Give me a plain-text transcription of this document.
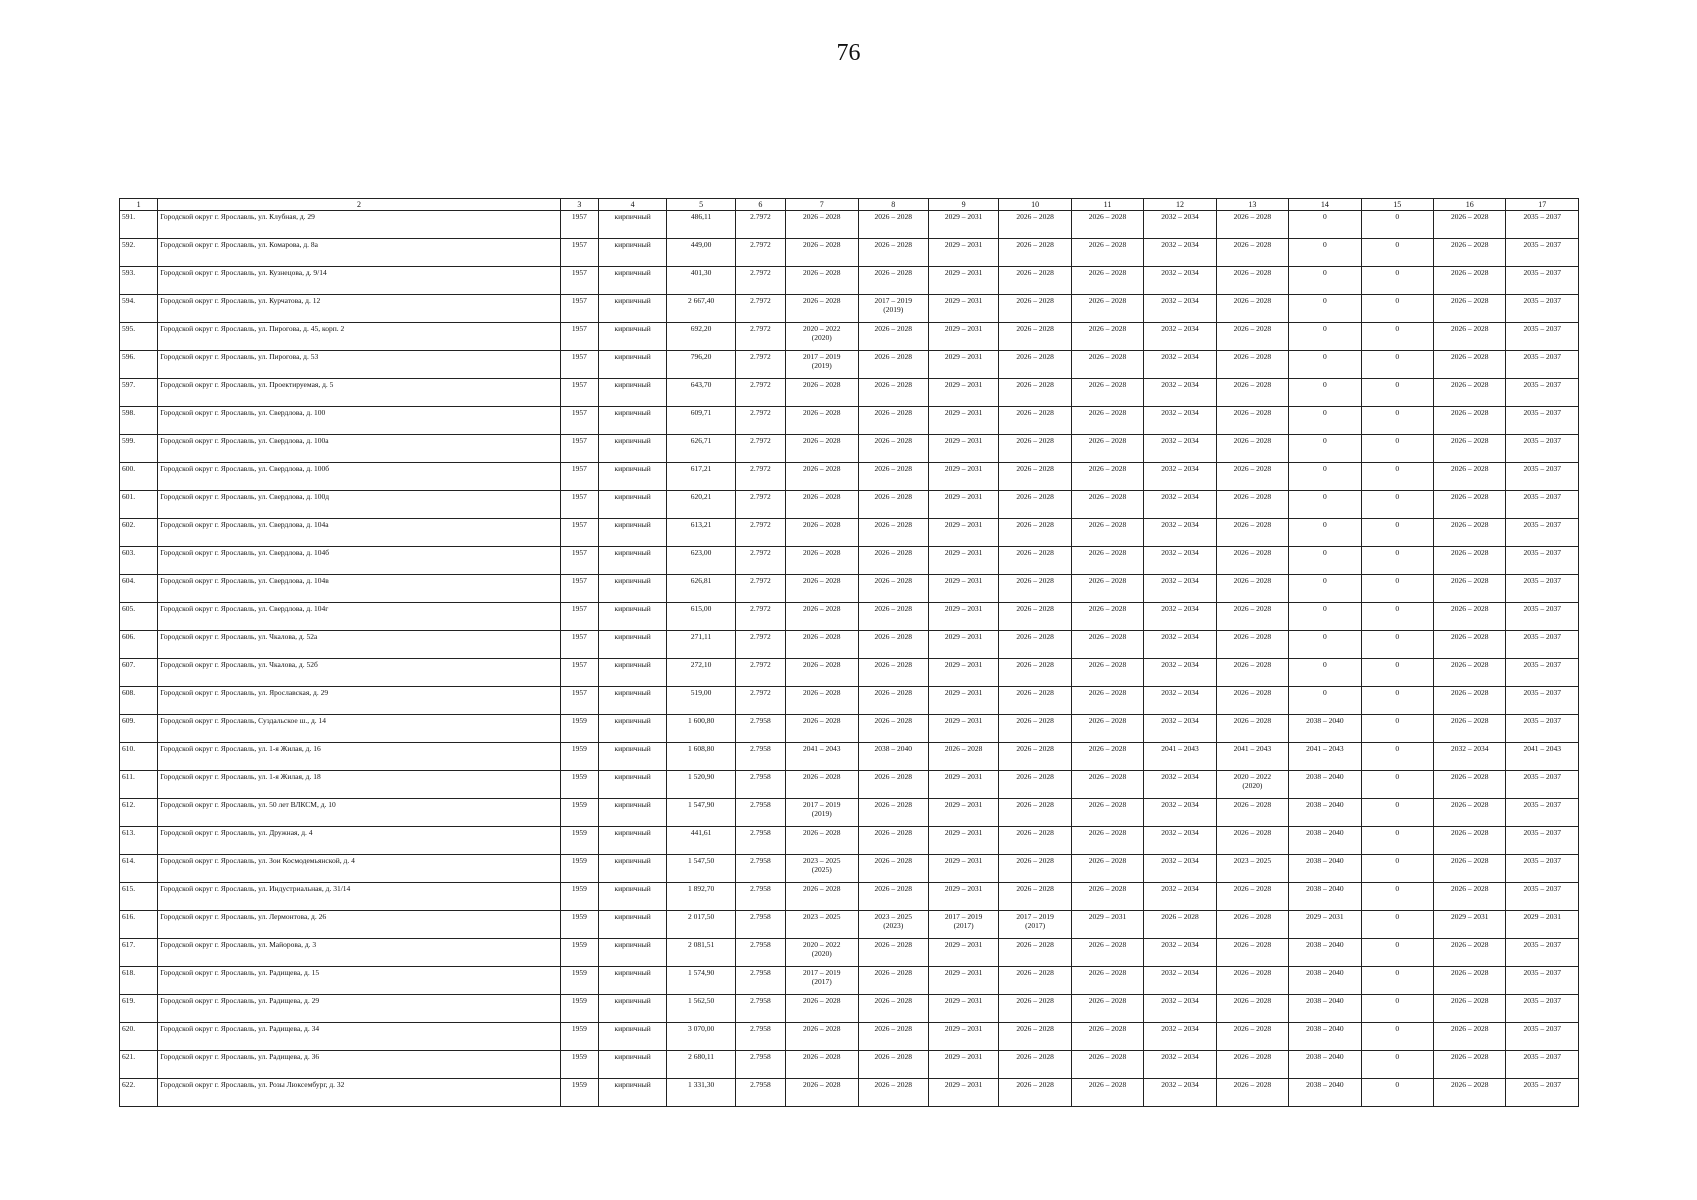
76
1	2	3	4	5	6	7	8	9	10	11	12	13	14	15	16	17

591.	Городской округ г. Ярославль, ул. Клубная, д. 29	1957	кирпичный	486,11	2.7972	2026 – 2028	2026 – 2028	2029 – 2031	2026 – 2028	2026 – 2028	2032 – 2034	2026 – 2028	0	0	2026 – 2028	2035 – 2037

592.	Городской округ г. Ярославль, ул. Комарова, д. 8а	1957	кирпичный	449,00	2.7972	2026 – 2028	2026 – 2028	2029 – 2031	2026 – 2028	2026 – 2028	2032 – 2034	2026 – 2028	0	0	2026 – 2028	2035 – 2037

593.	Городской округ г. Ярославль, ул. Кузнецова, д. 9/14	1957	кирпичный	401,30	2.7972	2026 – 2028	2026 – 2028	2029 – 2031	2026 – 2028	2026 – 2028	2032 – 2034	2026 – 2028	0	0	2026 – 2028	2035 – 2037

594.	Городской округ г. Ярославль, ул. Курчатова, д. 12	1957	кирпичный	2 667,40	2.7972	2026 – 2028	2017 – 2019
(2019)	2029 – 2031	2026 – 2028	2026 – 2028	2032 – 2034	2026 – 2028	0	0	2026 – 2028	2035 – 2037

595.	Городской округ г. Ярославль, ул. Пирогова, д. 45, корп. 2	1957	кирпичный	692,20	2.7972	2020 – 2022
(2020)	2026 – 2028	2029 – 2031	2026 – 2028	2026 – 2028	2032 – 2034	2026 – 2028	0	0	2026 – 2028	2035 – 2037

596.	Городской округ г. Ярославль, ул. Пирогова, д. 53	1957	кирпичный	796,20	2.7972	2017 – 2019
(2019)	2026 – 2028	2029 – 2031	2026 – 2028	2026 – 2028	2032 – 2034	2026 – 2028	0	0	2026 – 2028	2035 – 2037

597.	Городской округ г. Ярославль, ул. Проектируемая, д. 5	1957	кирпичный	643,70	2.7972	2026 – 2028	2026 – 2028	2029 – 2031	2026 – 2028	2026 – 2028	2032 – 2034	2026 – 2028	0	0	2026 – 2028	2035 – 2037

598.	Городской округ г. Ярославль, ул. Свердлова, д. 100	1957	кирпичный	609,71	2.7972	2026 – 2028	2026 – 2028	2029 – 2031	2026 – 2028	2026 – 2028	2032 – 2034	2026 – 2028	0	0	2026 – 2028	2035 – 2037

599.	Городской округ г. Ярославль, ул. Свердлова, д. 100а	1957	кирпичный	626,71	2.7972	2026 – 2028	2026 – 2028	2029 – 2031	2026 – 2028	2026 – 2028	2032 – 2034	2026 – 2028	0	0	2026 – 2028	2035 – 2037

600.	Городской округ г. Ярославль, ул. Свердлова, д. 100б	1957	кирпичный	617,21	2.7972	2026 – 2028	2026 – 2028	2029 – 2031	2026 – 2028	2026 – 2028	2032 – 2034	2026 – 2028	0	0	2026 – 2028	2035 – 2037

601.	Городской округ г. Ярославль, ул. Свердлова, д. 100д	1957	кирпичный	620,21	2.7972	2026 – 2028	2026 – 2028	2029 – 2031	2026 – 2028	2026 – 2028	2032 – 2034	2026 – 2028	0	0	2026 – 2028	2035 – 2037

602.	Городской округ г. Ярославль, ул. Свердлова, д. 104а	1957	кирпичный	613,21	2.7972	2026 – 2028	2026 – 2028	2029 – 2031	2026 – 2028	2026 – 2028	2032 – 2034	2026 – 2028	0	0	2026 – 2028	2035 – 2037

603.	Городской округ г. Ярославль, ул. Свердлова, д. 104б	1957	кирпичный	623,00	2.7972	2026 – 2028	2026 – 2028	2029 – 2031	2026 – 2028	2026 – 2028	2032 – 2034	2026 – 2028	0	0	2026 – 2028	2035 – 2037

604.	Городской округ г. Ярославль, ул. Свердлова, д. 104в	1957	кирпичный	626,81	2.7972	2026 – 2028	2026 – 2028	2029 – 2031	2026 – 2028	2026 – 2028	2032 – 2034	2026 – 2028	0	0	2026 – 2028	2035 – 2037

605.	Городской округ г. Ярославль, ул. Свердлова, д. 104г	1957	кирпичный	615,00	2.7972	2026 – 2028	2026 – 2028	2029 – 2031	2026 – 2028	2026 – 2028	2032 – 2034	2026 – 2028	0	0	2026 – 2028	2035 – 2037

606.	Городской округ г. Ярославль, ул. Чкалова, д. 52а	1957	кирпичный	271,11	2.7972	2026 – 2028	2026 – 2028	2029 – 2031	2026 – 2028	2026 – 2028	2032 – 2034	2026 – 2028	0	0	2026 – 2028	2035 – 2037

607.	Городской округ г. Ярославль, ул. Чкалова, д. 52б	1957	кирпичный	272,10	2.7972	2026 – 2028	2026 – 2028	2029 – 2031	2026 – 2028	2026 – 2028	2032 – 2034	2026 – 2028	0	0	2026 – 2028	2035 – 2037

608.	Городской округ г. Ярославль, ул. Ярославская, д. 29	1957	кирпичный	519,00	2.7972	2026 – 2028	2026 – 2028	2029 – 2031	2026 – 2028	2026 – 2028	2032 – 2034	2026 – 2028	0	0	2026 – 2028	2035 – 2037

609.	Городской округ г. Ярославль, Суздальское ш., д. 14	1959	кирпичный	1 600,80	2.7958	2026 – 2028	2026 – 2028	2029 – 2031	2026 – 2028	2026 – 2028	2032 – 2034	2026 – 2028	2038 – 2040	0	2026 – 2028	2035 – 2037

610.	Городской округ г. Ярославль, ул. 1-я Жилая, д. 16	1959	кирпичный	1 608,80	2.7958	2041 – 2043	2038 – 2040	2026 – 2028	2026 – 2028	2026 – 2028	2041 – 2043	2041 – 2043	2041 – 2043	0	2032 – 2034	2041 – 2043

611.	Городской округ г. Ярославль, ул. 1-я Жилая, д. 18	1959	кирпичный	1 520,90	2.7958	2026 – 2028	2026 – 2028	2029 – 2031	2026 – 2028	2026 – 2028	2032 – 2034	2020 – 2022
(2020)	2038 – 2040	0	2026 – 2028	2035 – 2037

612.	Городской округ г. Ярославль, ул. 50 лет ВЛКСМ, д. 10	1959	кирпичный	1 547,90	2.7958	2017 – 2019
(2019)	2026 – 2028	2029 – 2031	2026 – 2028	2026 – 2028	2032 – 2034	2026 – 2028	2038 – 2040	0	2026 – 2028	2035 – 2037

613.	Городской округ г. Ярославль, ул. Дружная, д. 4	1959	кирпичный	441,61	2.7958	2026 – 2028	2026 – 2028	2029 – 2031	2026 – 2028	2026 – 2028	2032 – 2034	2026 – 2028	2038 – 2040	0	2026 – 2028	2035 – 2037

614.	Городской округ г. Ярославль, ул. Зои Космодемьянской, д. 4	1959	кирпичный	1 547,50	2.7958	2023 – 2025
(2025)	2026 – 2028	2029 – 2031	2026 – 2028	2026 – 2028	2032 – 2034	2023 – 2025	2038 – 2040	0	2026 – 2028	2035 – 2037

615.	Городской округ г. Ярославль, ул. Индустриальная, д. 31/14	1959	кирпичный	1 892,70	2.7958	2026 – 2028	2026 – 2028	2029 – 2031	2026 – 2028	2026 – 2028	2032 – 2034	2026 – 2028	2038 – 2040	0	2026 – 2028	2035 – 2037

616.	Городской округ г. Ярославль, ул. Лермонтова, д. 26	1959	кирпичный	2 017,50	2.7958	2023 – 2025	2023 – 2025
(2023)	2017 – 2019
(2017)	2017 – 2019
(2017)	2029 – 2031	2026 – 2028	2026 – 2028	2029 – 2031	0	2029 – 2031	2029 – 2031

617.	Городской округ г. Ярославль, ул. Майорова, д. 3	1959	кирпичный	2 081,51	2.7958	2020 – 2022
(2020)	2026 – 2028	2029 – 2031	2026 – 2028	2026 – 2028	2032 – 2034	2026 – 2028	2038 – 2040	0	2026 – 2028	2035 – 2037

618.	Городской округ г. Ярославль, ул. Радищева, д. 15	1959	кирпичный	1 574,90	2.7958	2017 – 2019
(2017)	2026 – 2028	2029 – 2031	2026 – 2028	2026 – 2028	2032 – 2034	2026 – 2028	2038 – 2040	0	2026 – 2028	2035 – 2037

619.	Городской округ г. Ярославль, ул. Радищева, д. 29	1959	кирпичный	1 562,50	2.7958	2026 – 2028	2026 – 2028	2029 – 2031	2026 – 2028	2026 – 2028	2032 – 2034	2026 – 2028	2038 – 2040	0	2026 – 2028	2035 – 2037

620.	Городской округ г. Ярославль, ул. Радищева, д. 34	1959	кирпичный	3 070,00	2.7958	2026 – 2028	2026 – 2028	2029 – 2031	2026 – 2028	2026 – 2028	2032 – 2034	2026 – 2028	2038 – 2040	0	2026 – 2028	2035 – 2037

621.	Городской округ г. Ярославль, ул. Радищева, д. 36	1959	кирпичный	2 680,11	2.7958	2026 – 2028	2026 – 2028	2029 – 2031	2026 – 2028	2026 – 2028	2032 – 2034	2026 – 2028	2038 – 2040	0	2026 – 2028	2035 – 2037

622.	Городской округ г. Ярославль, ул. Розы Люксембург, д. 32	1959	кирпичный	1 331,30	2.7958	2026 – 2028	2026 – 2028	2029 – 2031	2026 – 2028	2026 – 2028	2032 – 2034	2026 – 2028	2038 – 2040	0	2026 – 2028	2035 – 2037
